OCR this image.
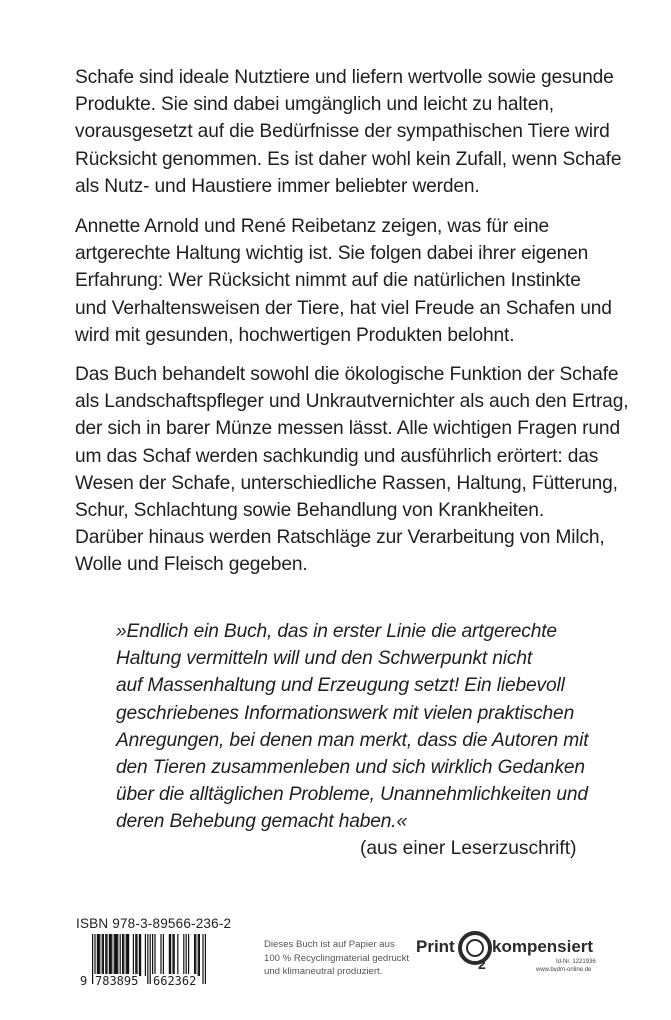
Schafe sind ideale Nutztiere und liefern wertvolle sowie gesunde
Produkte. Sie sind dabei umgänglich und leicht zu halten,
vorausgesetzt auf die Bedürfnisse der sympathischen Tiere wird
Rücksicht genommen. Es ist daher wohl kein Zufall, wenn Schafe
als Nutz- und Haustiere immer beliebter werden.
Annette Arnold und René Reibetanz zeigen, was für eine
artgerechte Haltung wichtig ist. Sie folgen dabei ihrer eigenen
Erfahrung: Wer Rücksicht nimmt auf die natürlichen Instinkte
und Verhaltensweisen der Tiere, hat viel Freude an Schafen und
wird mit gesunden, hochwertigen Produkten belohnt.
Das Buch behandelt sowohl die ökologische Funktion der Schafe
als Landschaftspfleger und Unkrautvernichter als auch den Ertrag,
der sich in barer Münze messen lässt. Alle wichtigen Fragen rund
um das Schaf werden sachkundig und ausführlich erörtert: das
Wesen der Schafe, unterschiedliche Rassen, Haltung, Fütterung,
Schur, Schlachtung sowie Behandlung von Krankheiten.
Darüber hinaus werden Ratschläge zur Verarbeitung von Milch,
Wolle und Fleisch gegeben.
»Endlich ein Buch, das in erster Linie die artgerechte
Haltung vermitteln will und den Schwerpunkt nicht
auf Massenhaltung und Erzeugung setzt! Ein liebevoll
geschriebenes Informationswerk mit vielen praktischen
Anregungen, bei denen man merkt, dass die Autoren mit
den Tieren zusammenleben und sich wirklich Gedanken
über die alltäglichen Probleme, Unannehmlichkeiten und
deren Behebung gemacht haben.«
(aus einer Leserzuschrift)
ISBN 978-3-89566-236-2
9 783895 662362
Dieses Buch ist auf Papier aus
100 % Recyclingmaterial gedruckt
und klimaneutral produziert.
Print
2
kompensiert
Id-Nr. 1221936
www.bvdm-online.de
